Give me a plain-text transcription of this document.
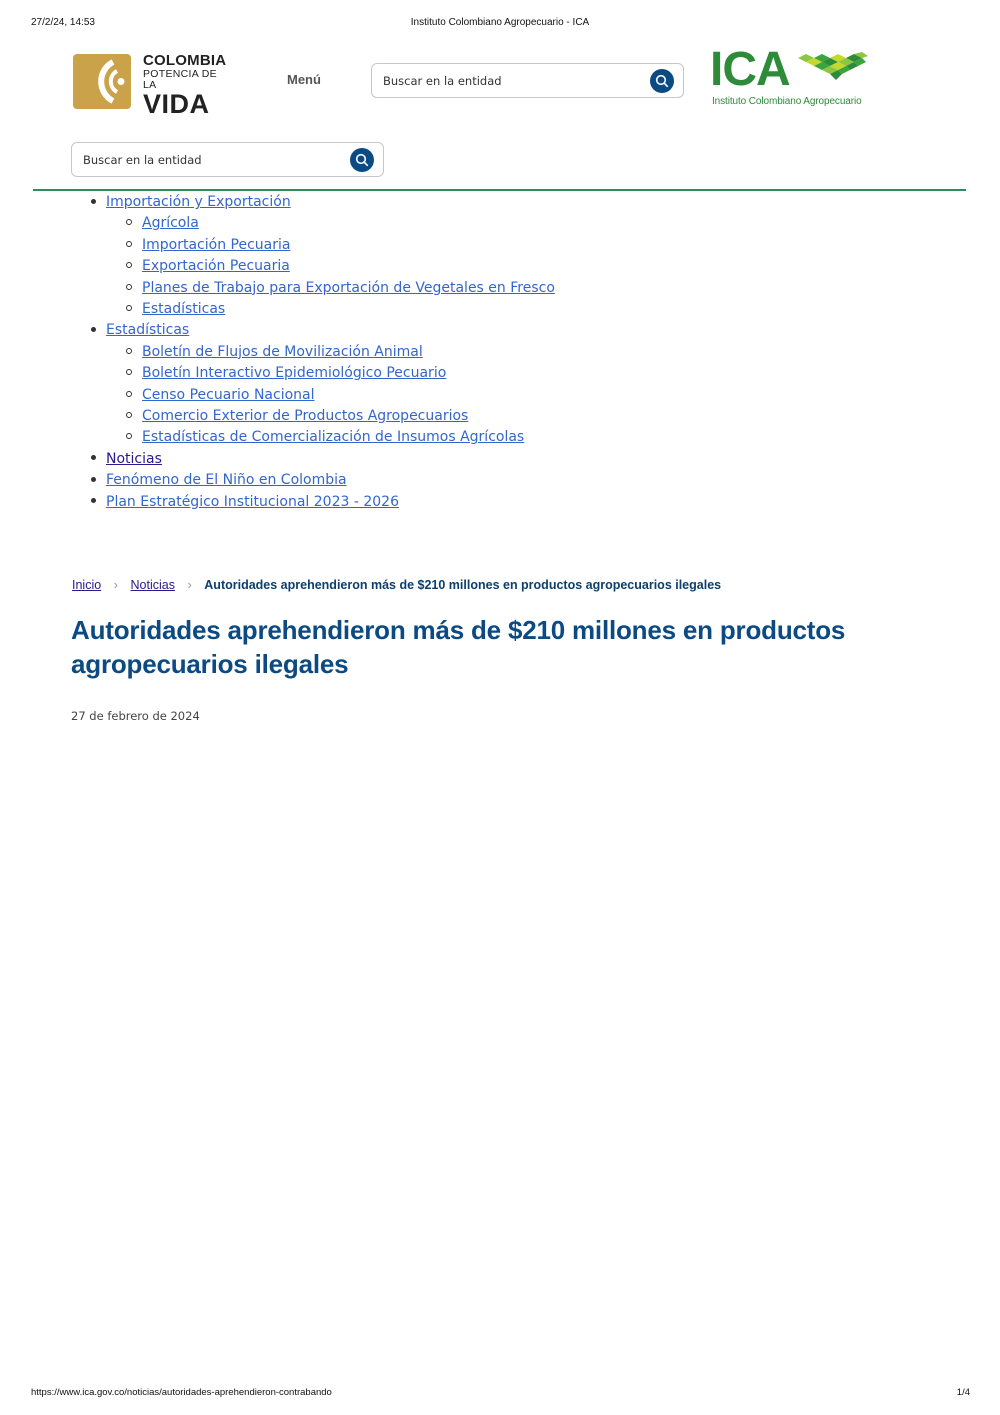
27/2/24, 14:53	Instituto Colombiano Agropecuario - ICA
COLOMBIA
POTENCIA DE LA
VIDA
Menú
Buscar en la entidad	ICA
Instituto Colombiano Agropecuario
Buscar en la entidad
Importación y Exportación
Agrícola
Importación Pecuaria
Exportación Pecuaria
Planes de Trabajo para Exportación de Vegetales en Fresco
Estadísticas
Estadísticas
Boletín de Flujos de Movilización Animal
Boletín Interactivo Epidemiológico Pecuario
Censo Pecuario Nacional
Comercio Exterior de Productos Agropecuarios
Estadísticas de Comercialización de Insumos Agrícolas
Noticias
Fenómeno de El Niño en Colombia
Plan Estratégico Institucional 2023 - 2026
Inicio › Noticias › Autoridades aprehendieron más de $210 millones en productos agropecuarios ilegales
Autoridades aprehendieron más de $210 millones en productos agropecuarios ilegales
27 de febrero de 2024
https://www.ica.gov.co/noticias/autoridades-aprehendieron-contrabando	1/4
